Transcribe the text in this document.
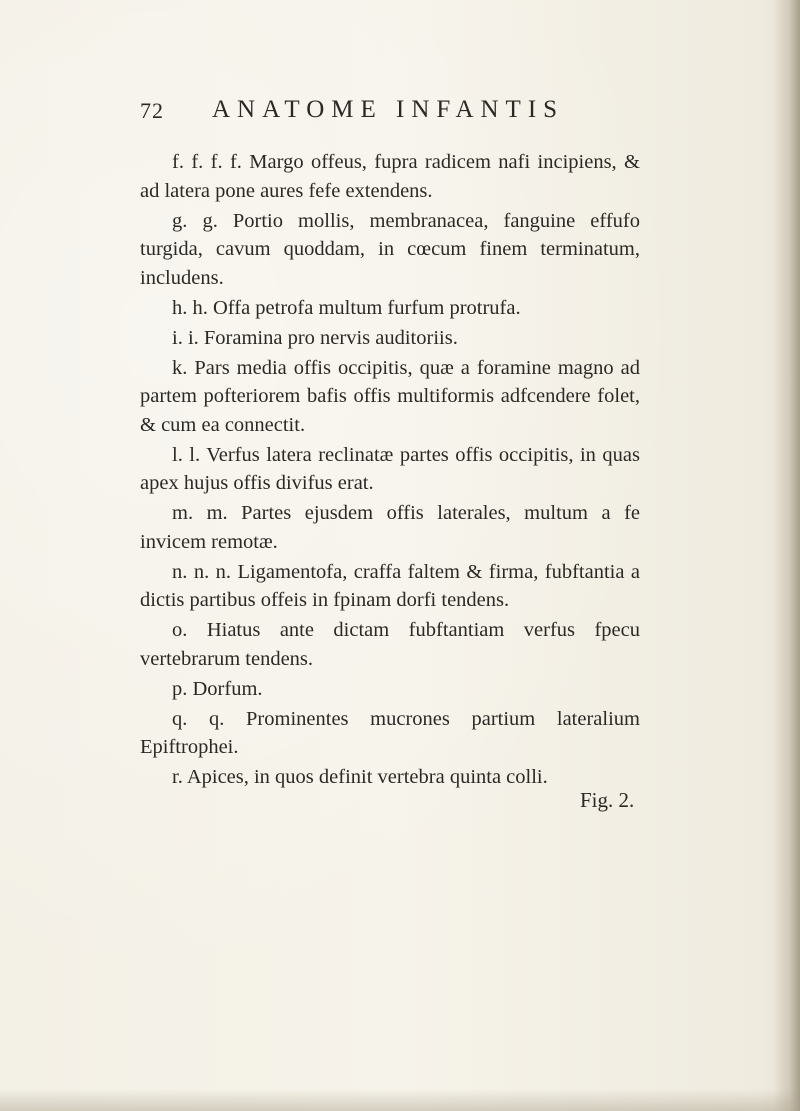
72 ANATOME INFANTIS

f. f. f. f. Margo offeus, fupra radicem nafi incipiens, & ad latera pone aures fefe extendens.

g. g. Portio mollis, membranacea, fanguine effufo turgida, cavum quoddam, in cœcum finem terminatum, includens.

h. h. Offa petrofa multum furfum protrufa.

i. i. Foramina pro nervis auditoriis.

k. Pars media offis occipitis, quæ a foramine magno ad partem pofteriorem bafis offis multiformis adfcendere folet, & cum ea connectit.

l. l. Verfus latera reclinatæ partes offis occipitis, in quas apex hujus offis divifus erat.

m. m. Partes ejusdem offis laterales, multum a fe invicem remotæ.

n. n. n. Ligamentofa, craffa faltem & firma, fubftantia a dictis partibus offeis in fpinam dorfi tendens.

o. Hiatus ante dictam fubftantiam verfus fpecu vertebrarum tendens.

p. Dorfum.

q. q. Prominentes mucrones partium lateralium Epiftrophei.

r. Apices, in quos definit vertebra quinta colli.

Fig. 2.
